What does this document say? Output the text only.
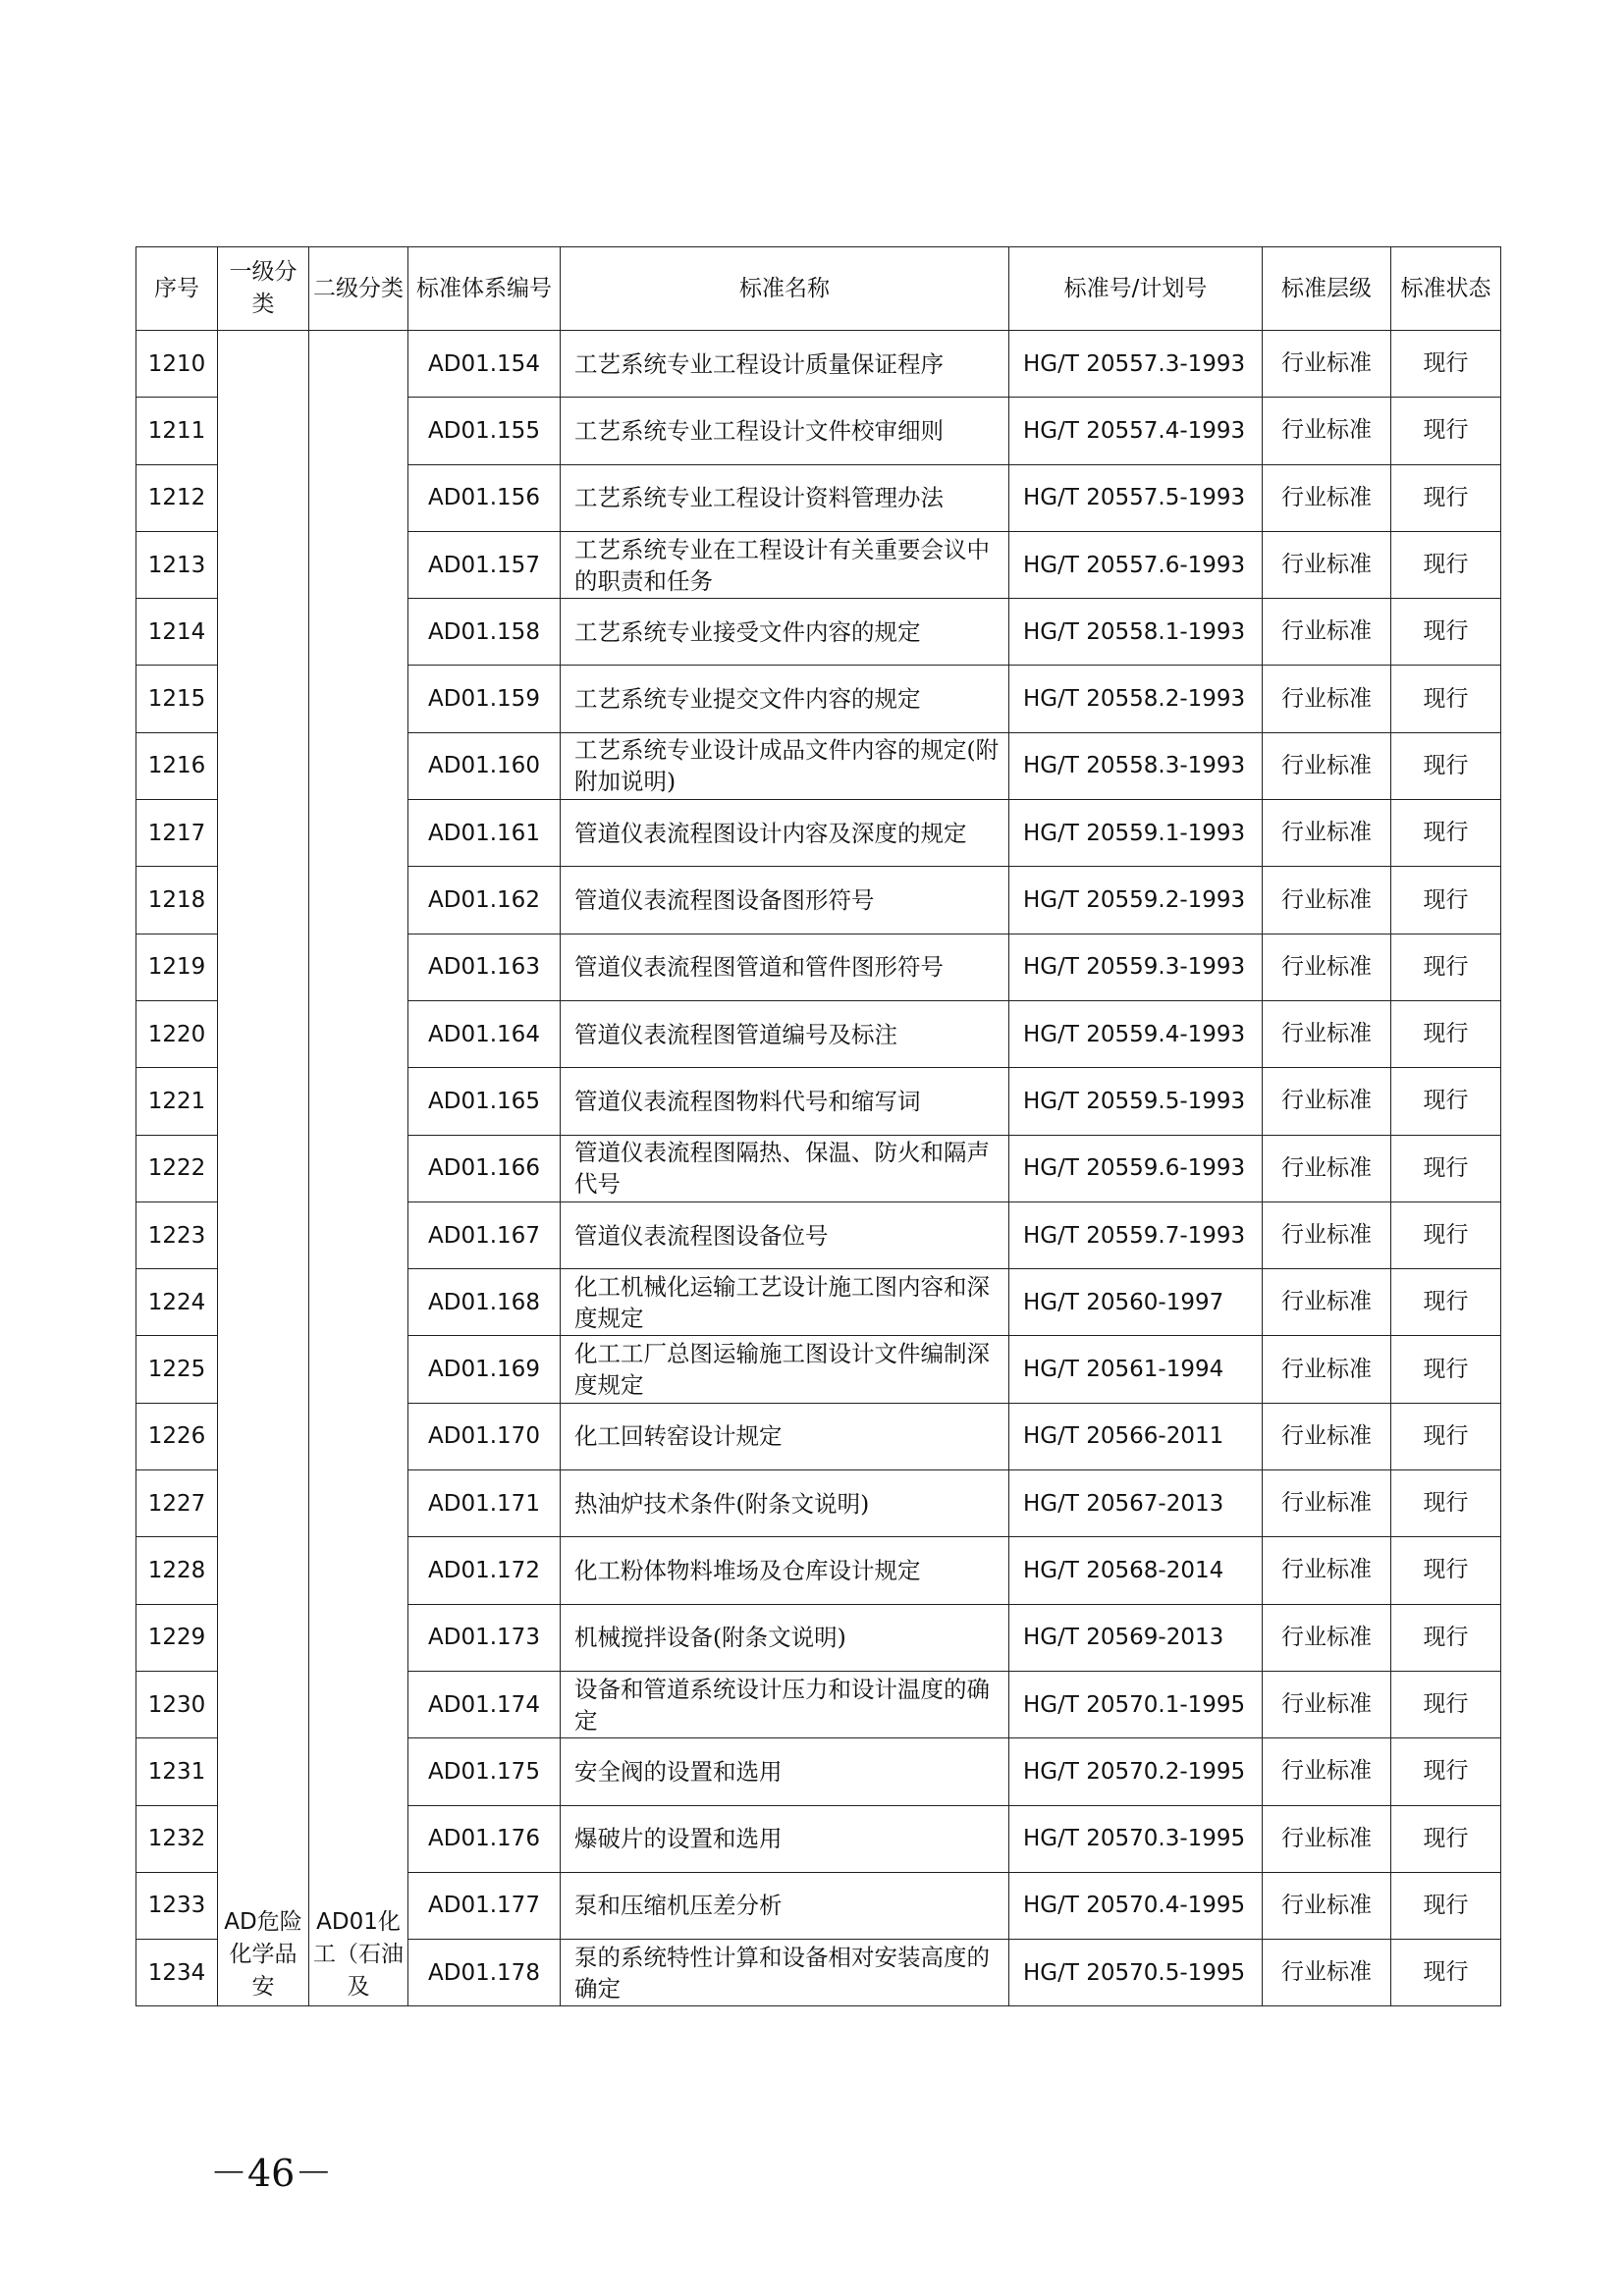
序号	一级分类	二级分类	标准体系编号	标准名称	标准号/计划号	标准层级	标准状态
1210	AD危险化学品安	AD01化工（石油及	AD01.154	工艺系统专业工程设计质量保证程序	HG/T 20557.3-1993	行业标准	现行
1211			AD01.155	工艺系统专业工程设计文件校审细则	HG/T 20557.4-1993	行业标准	现行
1212			AD01.156	工艺系统专业工程设计资料管理办法	HG/T 20557.5-1993	行业标准	现行
1213			AD01.157	工艺系统专业在工程设计有关重要会议中的职责和任务	HG/T 20557.6-1993	行业标准	现行
1214			AD01.158	工艺系统专业接受文件内容的规定	HG/T 20558.1-1993	行业标准	现行
1215			AD01.159	工艺系统专业提交文件内容的规定	HG/T 20558.2-1993	行业标准	现行
1216			AD01.160	工艺系统专业设计成品文件内容的规定(附附加说明)	HG/T 20558.3-1993	行业标准	现行
1217			AD01.161	管道仪表流程图设计内容及深度的规定	HG/T 20559.1-1993	行业标准	现行
1218			AD01.162	管道仪表流程图设备图形符号	HG/T 20559.2-1993	行业标准	现行
1219			AD01.163	管道仪表流程图管道和管件图形符号	HG/T 20559.3-1993	行业标准	现行
1220			AD01.164	管道仪表流程图管道编号及标注	HG/T 20559.4-1993	行业标准	现行
1221			AD01.165	管道仪表流程图物料代号和缩写词	HG/T 20559.5-1993	行业标准	现行
1222			AD01.166	管道仪表流程图隔热、保温、防火和隔声代号	HG/T 20559.6-1993	行业标准	现行
1223			AD01.167	管道仪表流程图设备位号	HG/T 20559.7-1993	行业标准	现行
1224			AD01.168	化工机械化运输工艺设计施工图内容和深度规定	HG/T 20560-1997	行业标准	现行
1225			AD01.169	化工工厂总图运输施工图设计文件编制深度规定	HG/T 20561-1994	行业标准	现行
1226			AD01.170	化工回转窑设计规定	HG/T 20566-2011	行业标准	现行
1227			AD01.171	热油炉技术条件(附条文说明)	HG/T 20567-2013	行业标准	现行
1228			AD01.172	化工粉体物料堆场及仓库设计规定	HG/T 20568-2014	行业标准	现行
1229			AD01.173	机械搅拌设备(附条文说明)	HG/T 20569-2013	行业标准	现行
1230			AD01.174	设备和管道系统设计压力和设计温度的确定	HG/T 20570.1-1995	行业标准	现行
1231			AD01.175	安全阀的设置和选用	HG/T 20570.2-1995	行业标准	现行
1232			AD01.176	爆破片的设置和选用	HG/T 20570.3-1995	行业标准	现行
1233			AD01.177	泵和压缩机压差分析	HG/T 20570.4-1995	行业标准	现行
1234			AD01.178	泵的系统特性计算和设备相对安装高度的确定	HG/T 20570.5-1995	行业标准	现行
－46－
